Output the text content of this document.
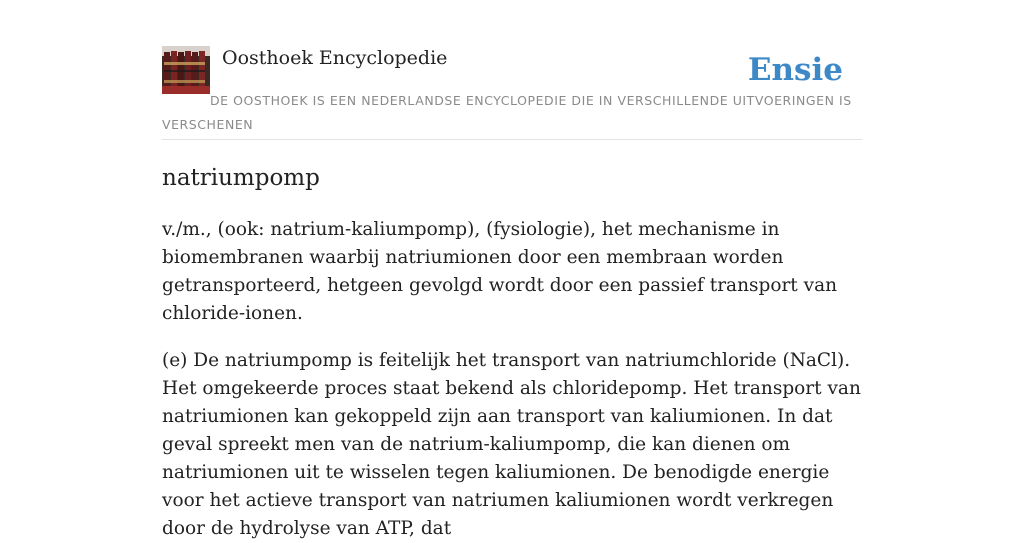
Oosthoek Encyclopedie	Ensie

DE OOSTHOEK IS EEN NEDERLANDSE ENCYCLOPEDIE DIE IN VERSCHILLENDE UITVOERINGEN IS VERSCHENEN

natriumpomp

v./m., (ook: natrium-kaliumpomp), (fysiologie), het mechanisme in biomembranen waarbij natriumionen door een membraan worden getransporteerd, hetgeen gevolgd wordt door een passief transport van chloride-ionen.

(e) De natriumpomp is feitelijk het transport van natriumchloride (NaCl). Het omgekeerde proces staat bekend als chloridepomp. Het transport van natriumionen kan gekoppeld zijn aan transport van kaliumionen. In dat geval spreekt men van de natrium-kaliumpomp, die kan dienen om natriumionen uit te wisselen tegen kaliumionen. De benodigde energie voor het actieve transport van natriumen kaliumionen wordt verkregen door de hydrolyse van ATP, dat
